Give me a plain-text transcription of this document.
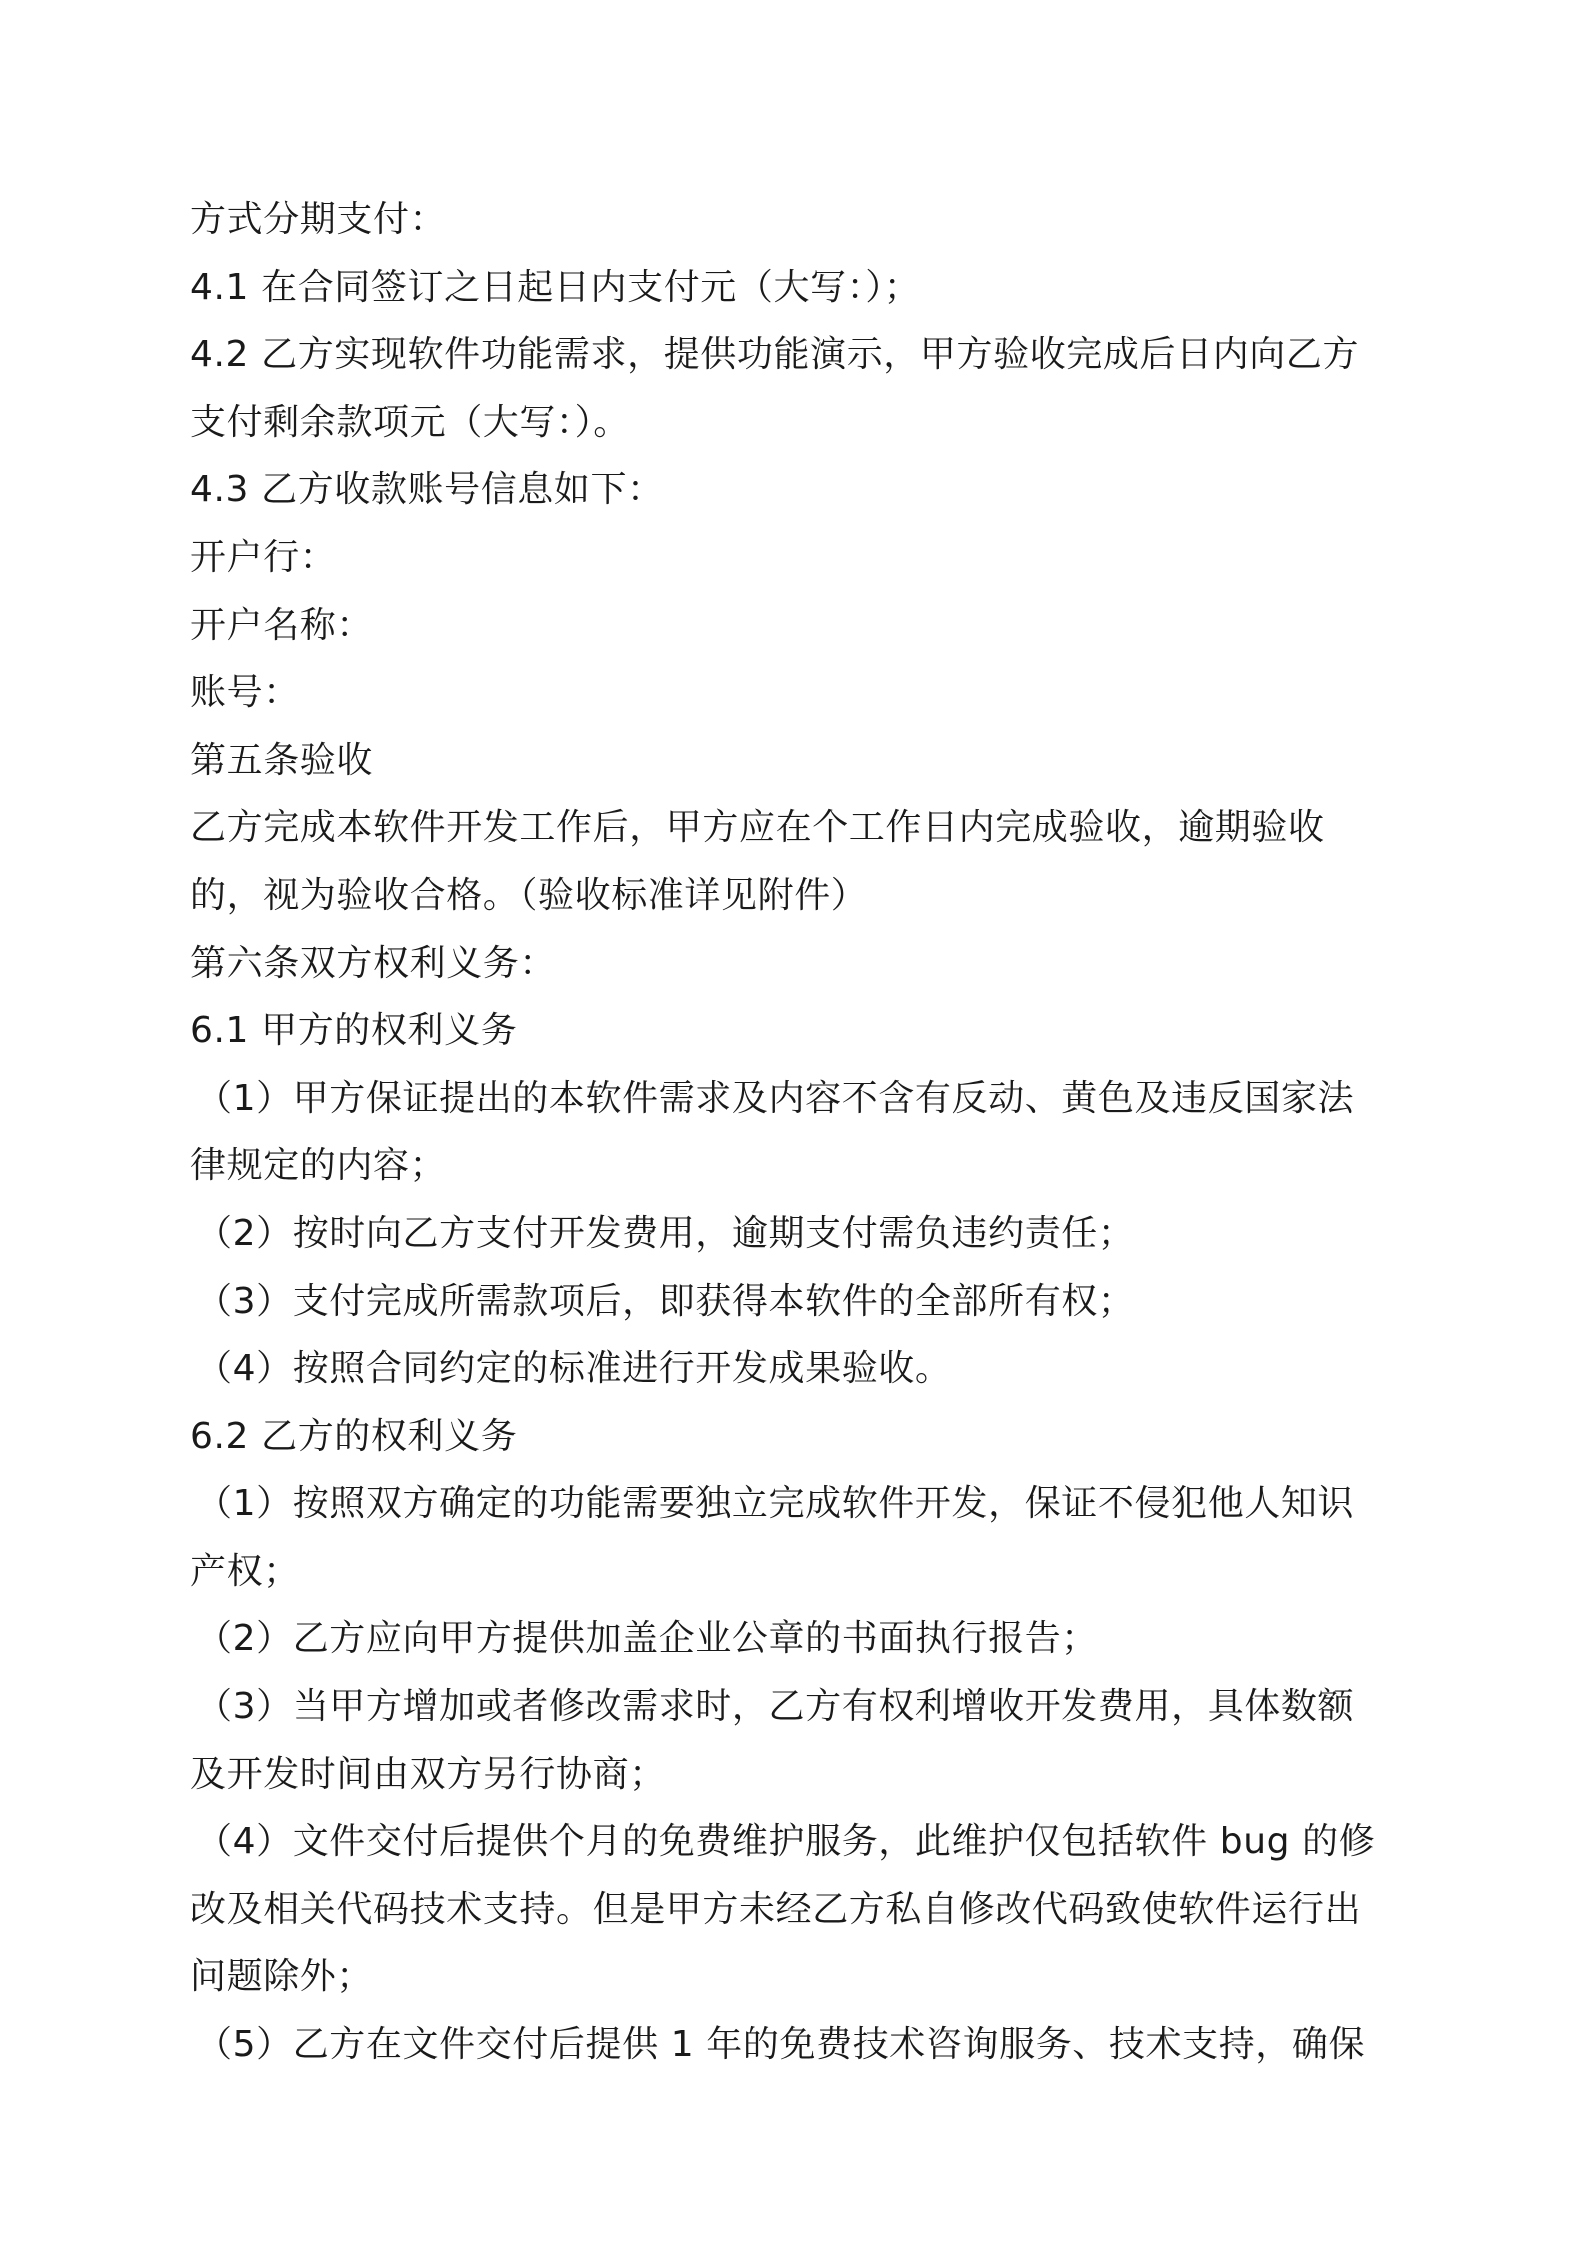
方式分期支付：
4.1 在合同签订之日起日内支付元（大写：）；
4.2 乙方实现软件功能需求，提供功能演示，甲方验收完成后日内向乙方
支付剩余款项元（大写：）。
4.3 乙方收款账号信息如下：
开户行：
开户名称：
账号：
第五条验收
乙方完成本软件开发工作后，甲方应在个工作日内完成验收，逾期验收
的，视为验收合格。（验收标准详见附件）
第六条双方权利义务：
6.1 甲方的权利义务
（1）甲方保证提出的本软件需求及内容不含有反动、黄色及违反国家法
律规定的内容；
（2）按时向乙方支付开发费用，逾期支付需负违约责任；
（3）支付完成所需款项后，即获得本软件的全部所有权；
（4）按照合同约定的标准进行开发成果验收。
6.2 乙方的权利义务
（1）按照双方确定的功能需要独立完成软件开发，保证不侵犯他人知识
产权；
（2）乙方应向甲方提供加盖企业公章的书面执行报告；
（3）当甲方增加或者修改需求时，乙方有权利增收开发费用，具体数额
及开发时间由双方另行协商；
（4）文件交付后提供个月的免费维护服务，此维护仅包括软件 bug 的修
改及相关代码技术支持。但是甲方未经乙方私自修改代码致使软件运行出
问题除外；
（5）乙方在文件交付后提供 1 年的免费技术咨询服务、技术支持，确保
